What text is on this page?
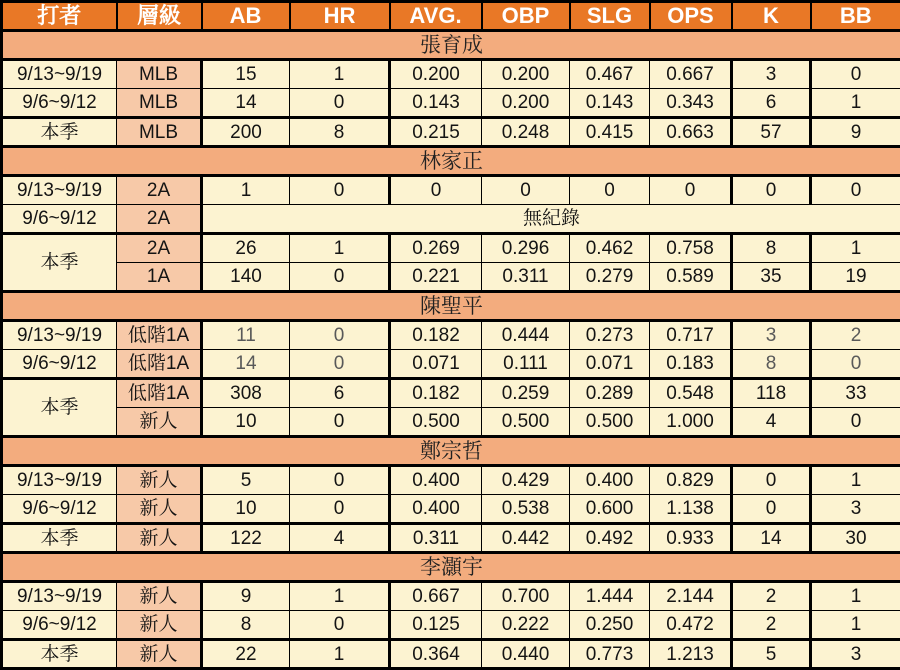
打者	層級	AB	HR	AVG.	OBP	SLG	OPS	K	BB
張育成									
9/13~9/19	MLB	15	1	0.200	0.200	0.467	0.667	3	0
9/6~9/12	MLB	14	0	0.143	0.200	0.143	0.343	6	1
本季	MLB	200	8	0.215	0.248	0.415	0.663	57	9
林家正									
9/13~9/19	2A	1	0	0	0	0	0	0	0
9/6~9/12	2A	無紀錄							
本季	2A	26	1	0.269	0.296	0.462	0.758	8	1
	1A	140	0	0.221	0.311	0.279	0.589	35	19
陳聖平									
9/13~9/19	低階1A	11	0	0.182	0.444	0.273	0.717	3	2
9/6~9/12	低階1A	14	0	0.071	0.111	0.071	0.183	8	0
本季	低階1A	308	6	0.182	0.259	0.289	0.548	118	33
	新人	10	0	0.500	0.500	0.500	1.000	4	0
鄭宗哲									
9/13~9/19	新人	5	0	0.400	0.429	0.400	0.829	0	1
9/6~9/12	新人	10	0	0.400	0.538	0.600	1.138	0	3
本季	新人	122	4	0.311	0.442	0.492	0.933	14	30
李灝宇									
9/13~9/19	新人	9	1	0.667	0.700	1.444	2.144	2	1
9/6~9/12	新人	8	0	0.125	0.222	0.250	0.472	2	1
本季	新人	22	1	0.364	0.440	0.773	1.213	5	3
